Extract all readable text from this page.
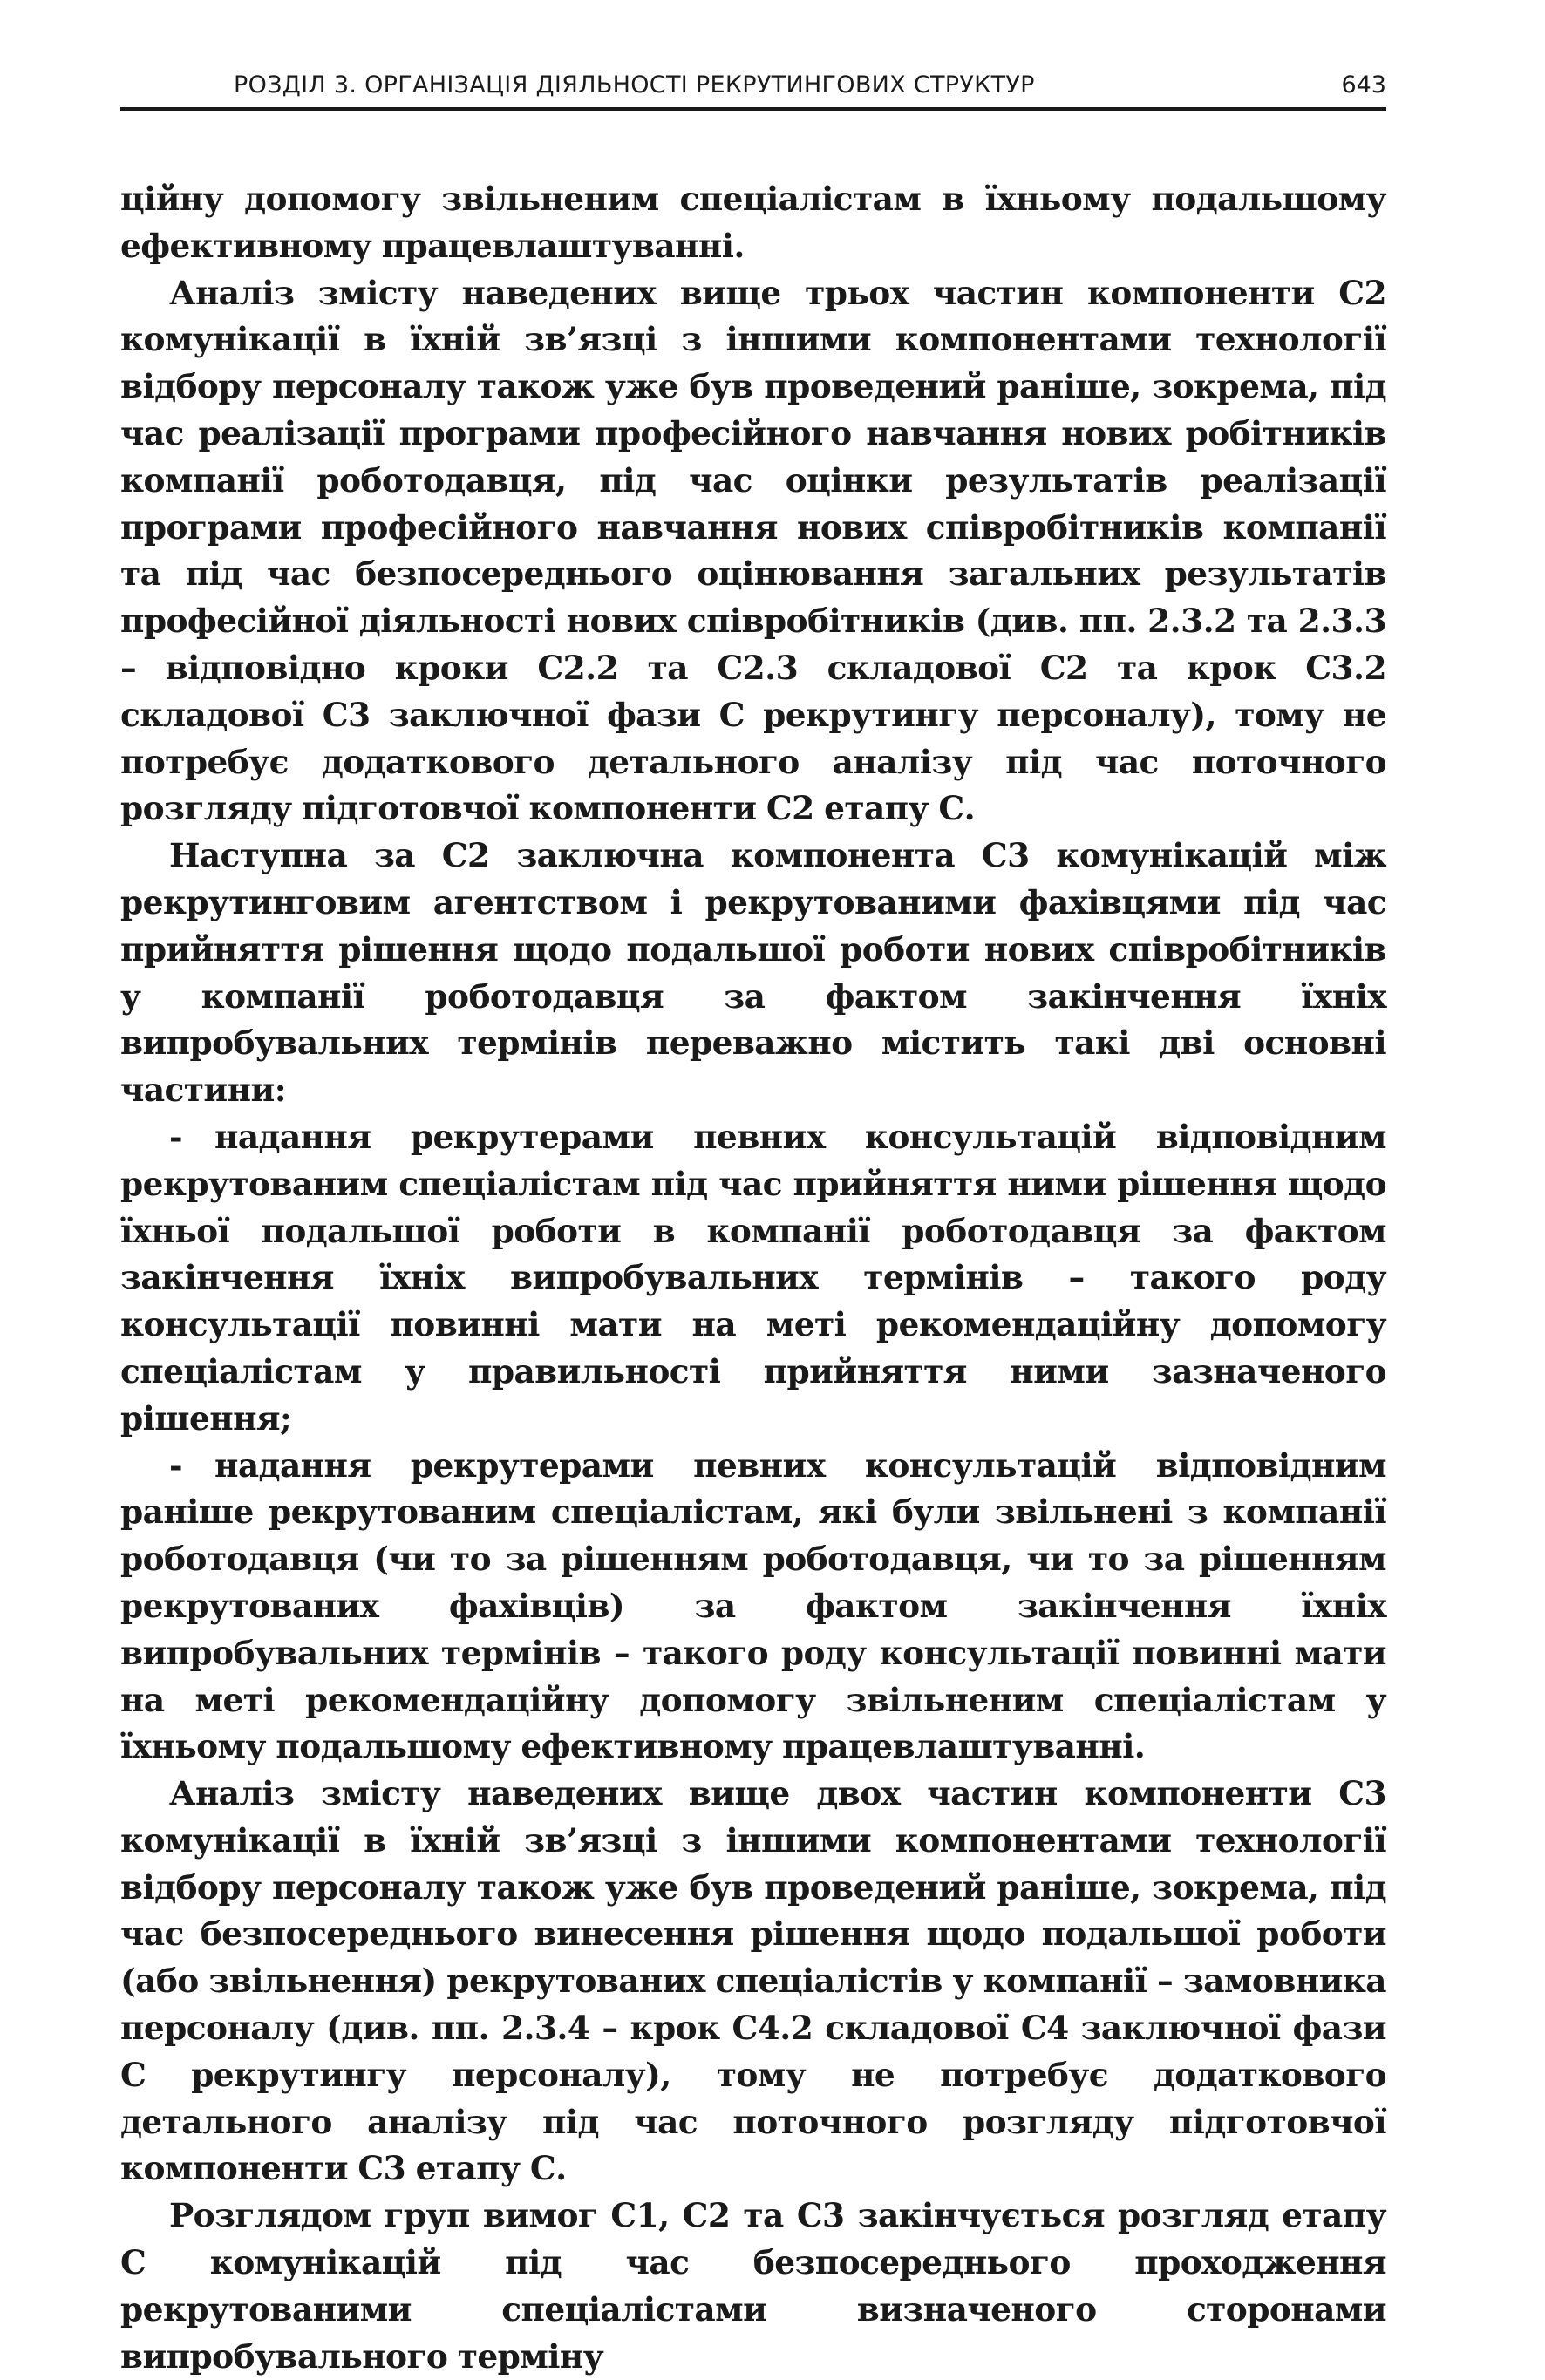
РОЗДІЛ 3. ОРГАНІЗАЦІЯ ДІЯЛЬНОСТІ РЕКРУТИНГОВИХ СТРУКТУР	643

ційну допомогу звільненим спеціалістам в їхньому подальшому ефективному працевлаштуванні.

Аналіз змісту наведених вище трьох частин компоненти С2 комунікації в їхній зв’язці з іншими компонентами технології відбору персоналу також уже був проведений раніше, зокрема, під час реалізації програми професійного навчання нових робітників компанії роботодавця, під час оцінки результатів реалізації програми професійного навчання нових співробітників компанії та під час безпосереднього оцінювання загальних результатів професійної діяльності нових співробітників (див. пп. 2.3.2 та 2.3.3 – відповідно кроки С2.2 та С2.3 складової С2 та крок С3.2 складової С3 заключної фази С рекрутингу персоналу), тому не потребує додаткового детального аналізу під час поточного розгляду підготовчої компоненти С2 етапу С.

Наступна за С2 заключна компонента С3 комунікацій між рекрутинговим агентством і рекрутованими фахівцями під час прийняття рішення щодо подальшої роботи нових співробітників у компанії роботодавця за фактом закінчення їхніх випробувальних термінів переважно містить такі дві основні частини:

- надання рекрутерами певних консультацій відповідним рекрутованим спеціалістам під час прийняття ними рішення щодо їхньої подальшої роботи в компанії роботодавця за фактом закінчення їхніх випробувальних термінів – такого роду консультації повинні мати на меті рекомендаційну допомогу спеціалістам у правильності прийняття ними зазначеного рішення;

- надання рекрутерами певних консультацій відповідним раніше рекрутованим спеціалістам, які були звільнені з компанії роботодавця (чи то за рішенням роботодавця, чи то за рішенням рекрутованих фахівців) за фактом закінчення їхніх випробувальних термінів – такого роду консультації повинні мати на меті рекомендаційну допомогу звільненим спеціалістам у їхньому подальшому ефективному працевлаштуванні.

Аналіз змісту наведених вище двох частин компоненти С3 комунікації в їхній зв’язці з іншими компонентами технології відбору персоналу також уже був проведений раніше, зокрема, під час безпосереднього винесення рішення щодо подальшої роботи (або звільнення) рекрутованих спеціалістів у компанії – замовника персоналу (див. пп. 2.3.4 – крок С4.2 складової С4 заключної фази С рекрутингу персоналу), тому не потребує додаткового детального аналізу під час поточного розгляду підготовчої компоненти С3 етапу С.

Розглядом груп вимог С1, С2 та С3 закінчується розгляд етапу С комунікацій під час безпосереднього проходження рекрутованими спеціалістами визначеного сторонами випробувального терміну
